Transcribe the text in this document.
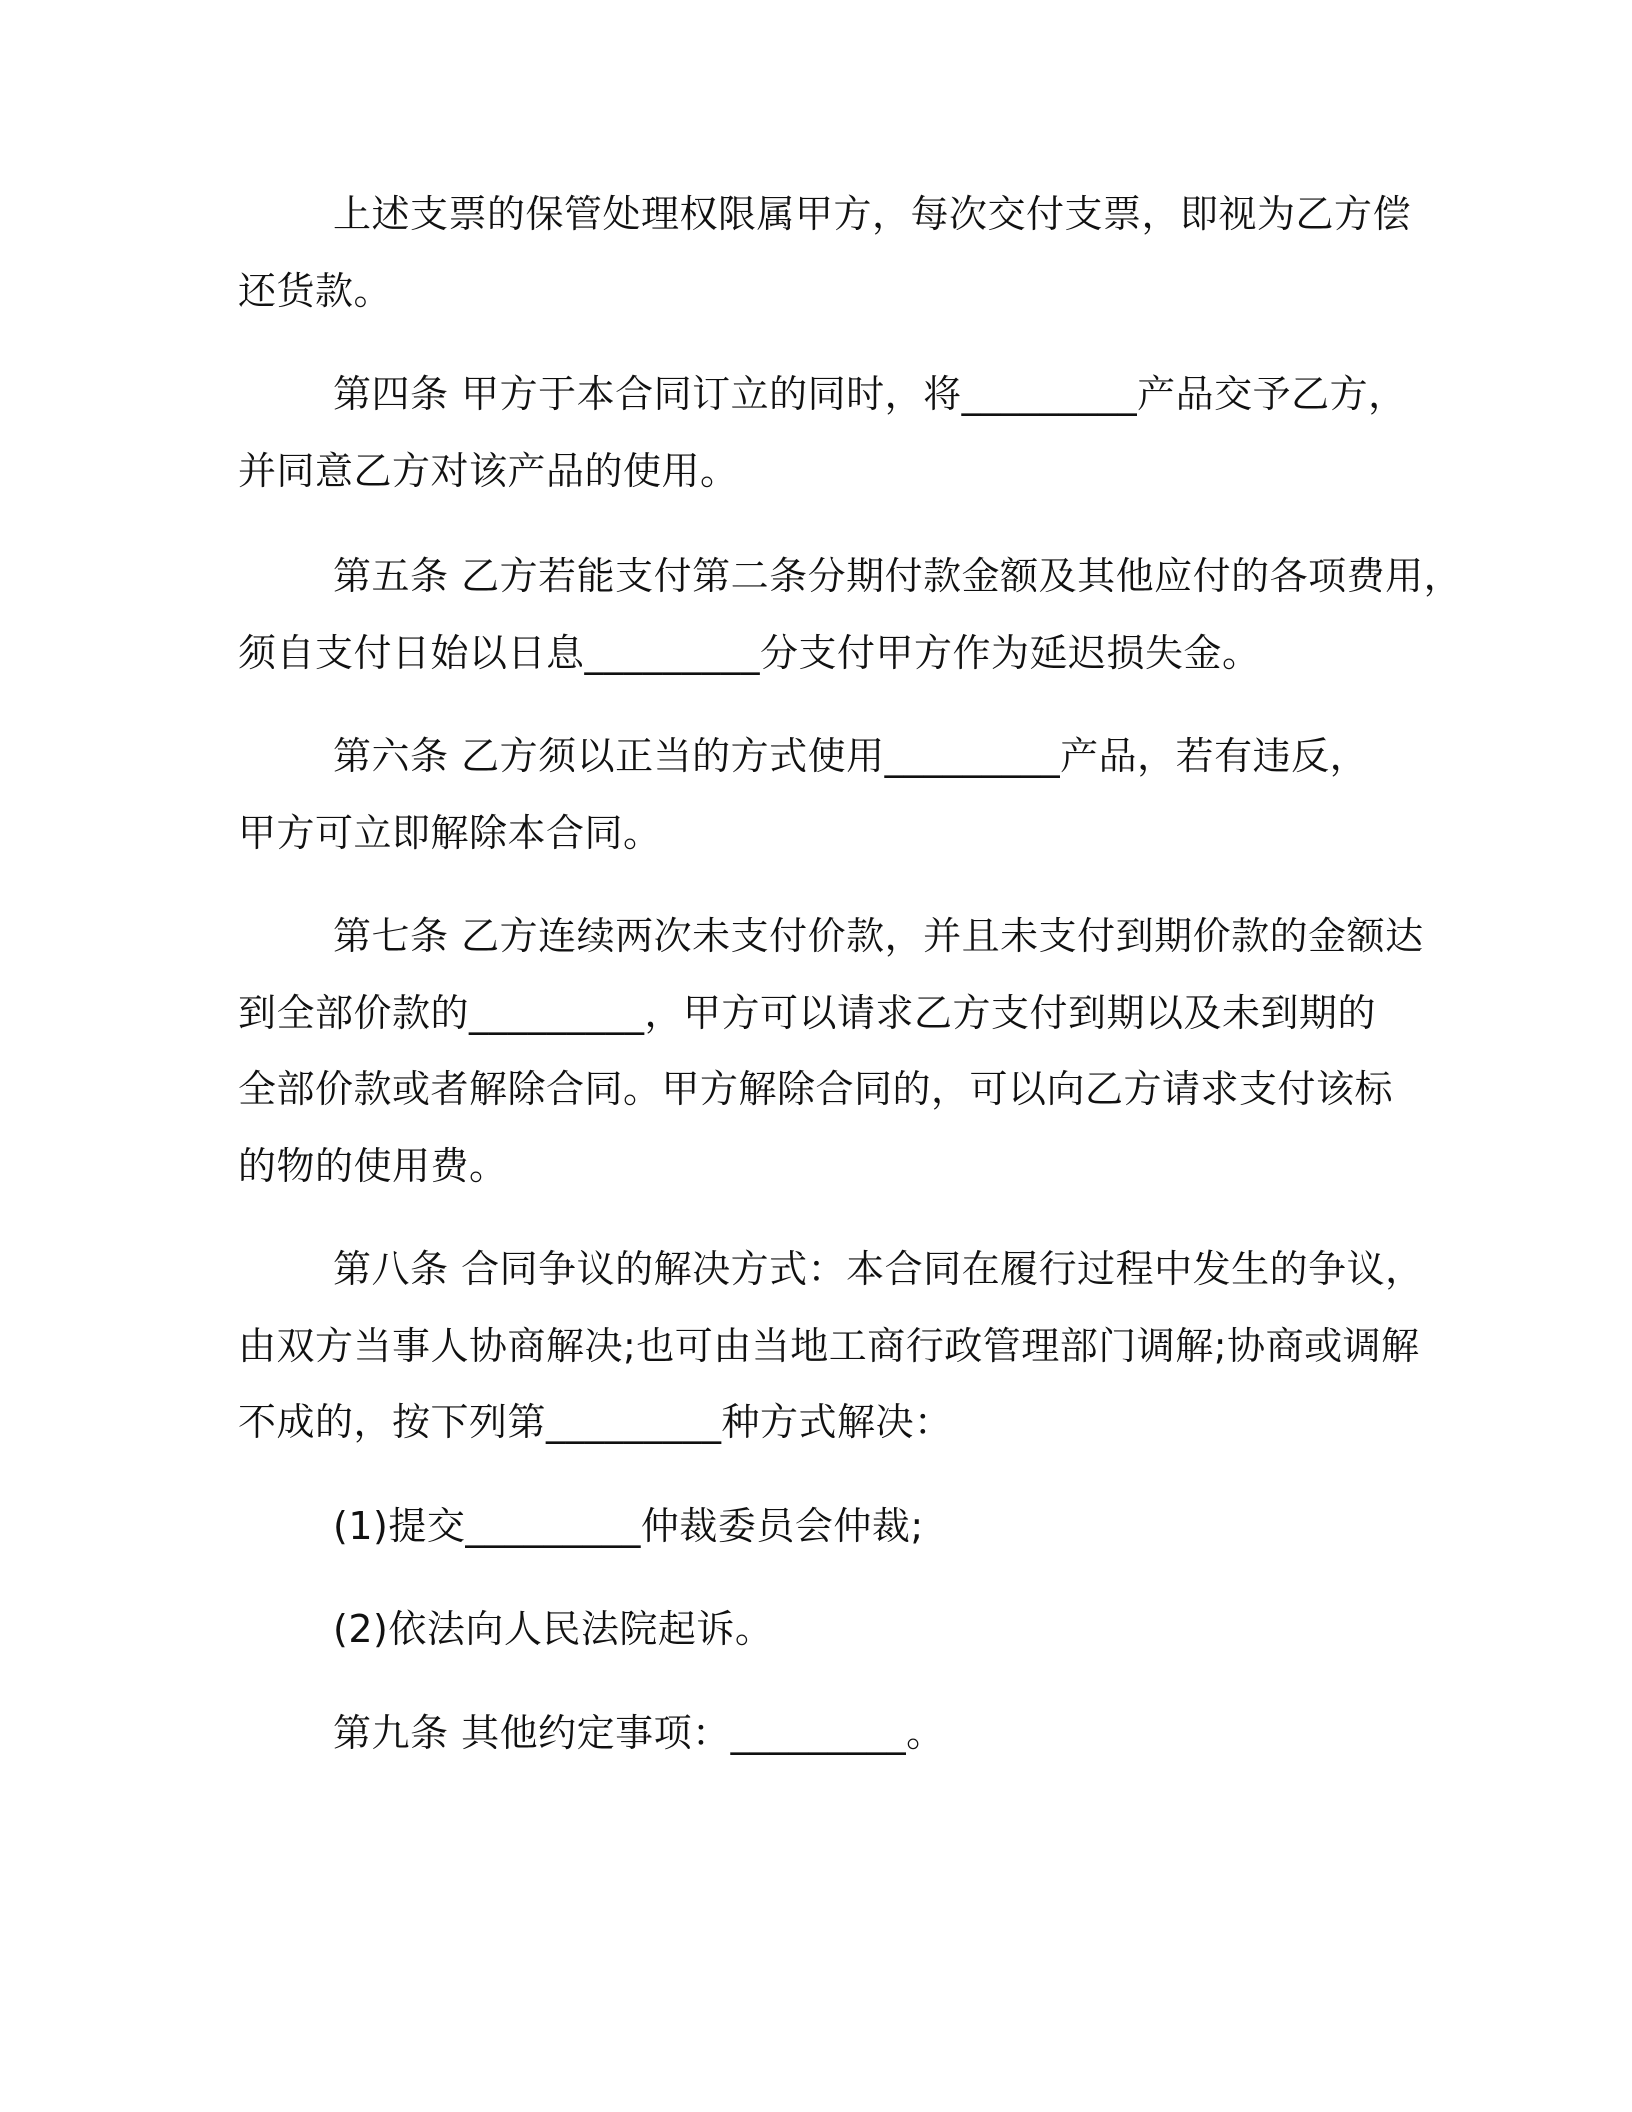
上述支票的保管处理权限属甲方，每次交付支票，即视为乙方偿
还货款。
第四条 甲方于本合同订立的同时，将_________产品交予乙方，
并同意乙方对该产品的使用。
第五条 乙方若能支付第二条分期付款金额及其他应付的各项费用，
须自支付日始以日息_________分支付甲方作为延迟损失金。
第六条 乙方须以正当的方式使用_________产品，若有违反，
甲方可立即解除本合同。
第七条 乙方连续两次未支付价款，并且未支付到期价款的金额达
到全部价款的_________，甲方可以请求乙方支付到期以及未到期的
全部价款或者解除合同。甲方解除合同的，可以向乙方请求支付该标
的物的使用费。
第八条 合同争议的解决方式：本合同在履行过程中发生的争议，
由双方当事人协商解决;也可由当地工商行政管理部门调解;协商或调解
不成的，按下列第_________种方式解决：
(1)提交_________仲裁委员会仲裁;
(2)依法向人民法院起诉。
第九条 其他约定事项：_________。
